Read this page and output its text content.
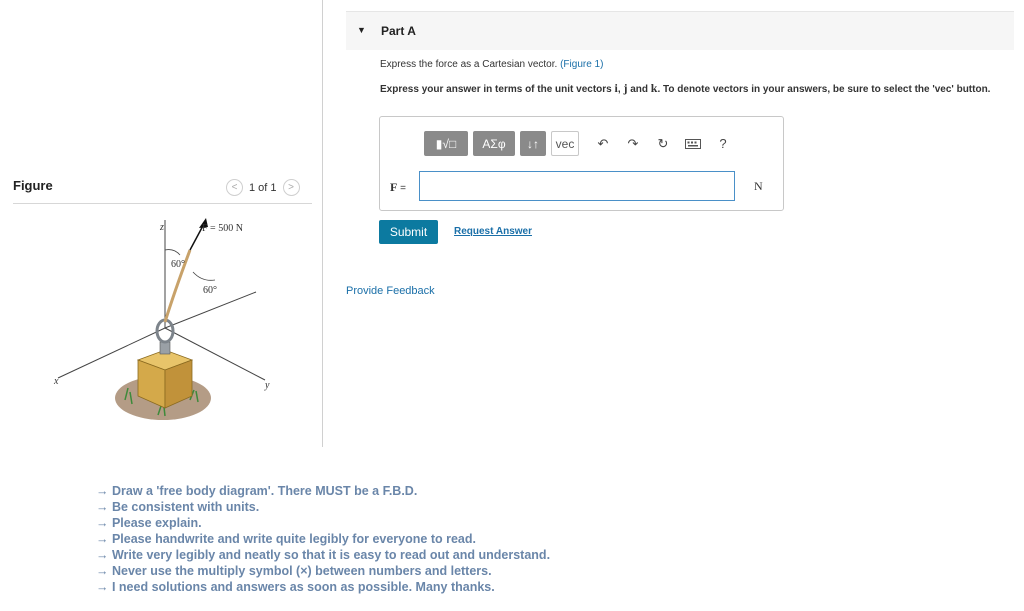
Figure	<	1 of 1	>
z	F = 500 N
60°
60°
x	y
▼ Part A
Express the force as a Cartesian vector. (Figure 1)
Express your answer in terms of the unit vectors i, j and k. To denote vectors in your answers, be sure to select the 'vec' button.
▮√□	ΑΣφ	↓↑	vec	↶	↷	↻	?
F =	N
Submit	Request Answer
Provide Feedback
→ Draw a 'free body diagram'. There MUST be a F.B.D.
→ Be consistent with units.
→ Please explain.
→ Please handwrite and write quite legibly for everyone to read.
→ Write very legibly and neatly so that it is easy to read out and understand.
→ Never use the multiply symbol (×) between numbers and letters.
→ I need solutions and answers as soon as possible. Many thanks.
